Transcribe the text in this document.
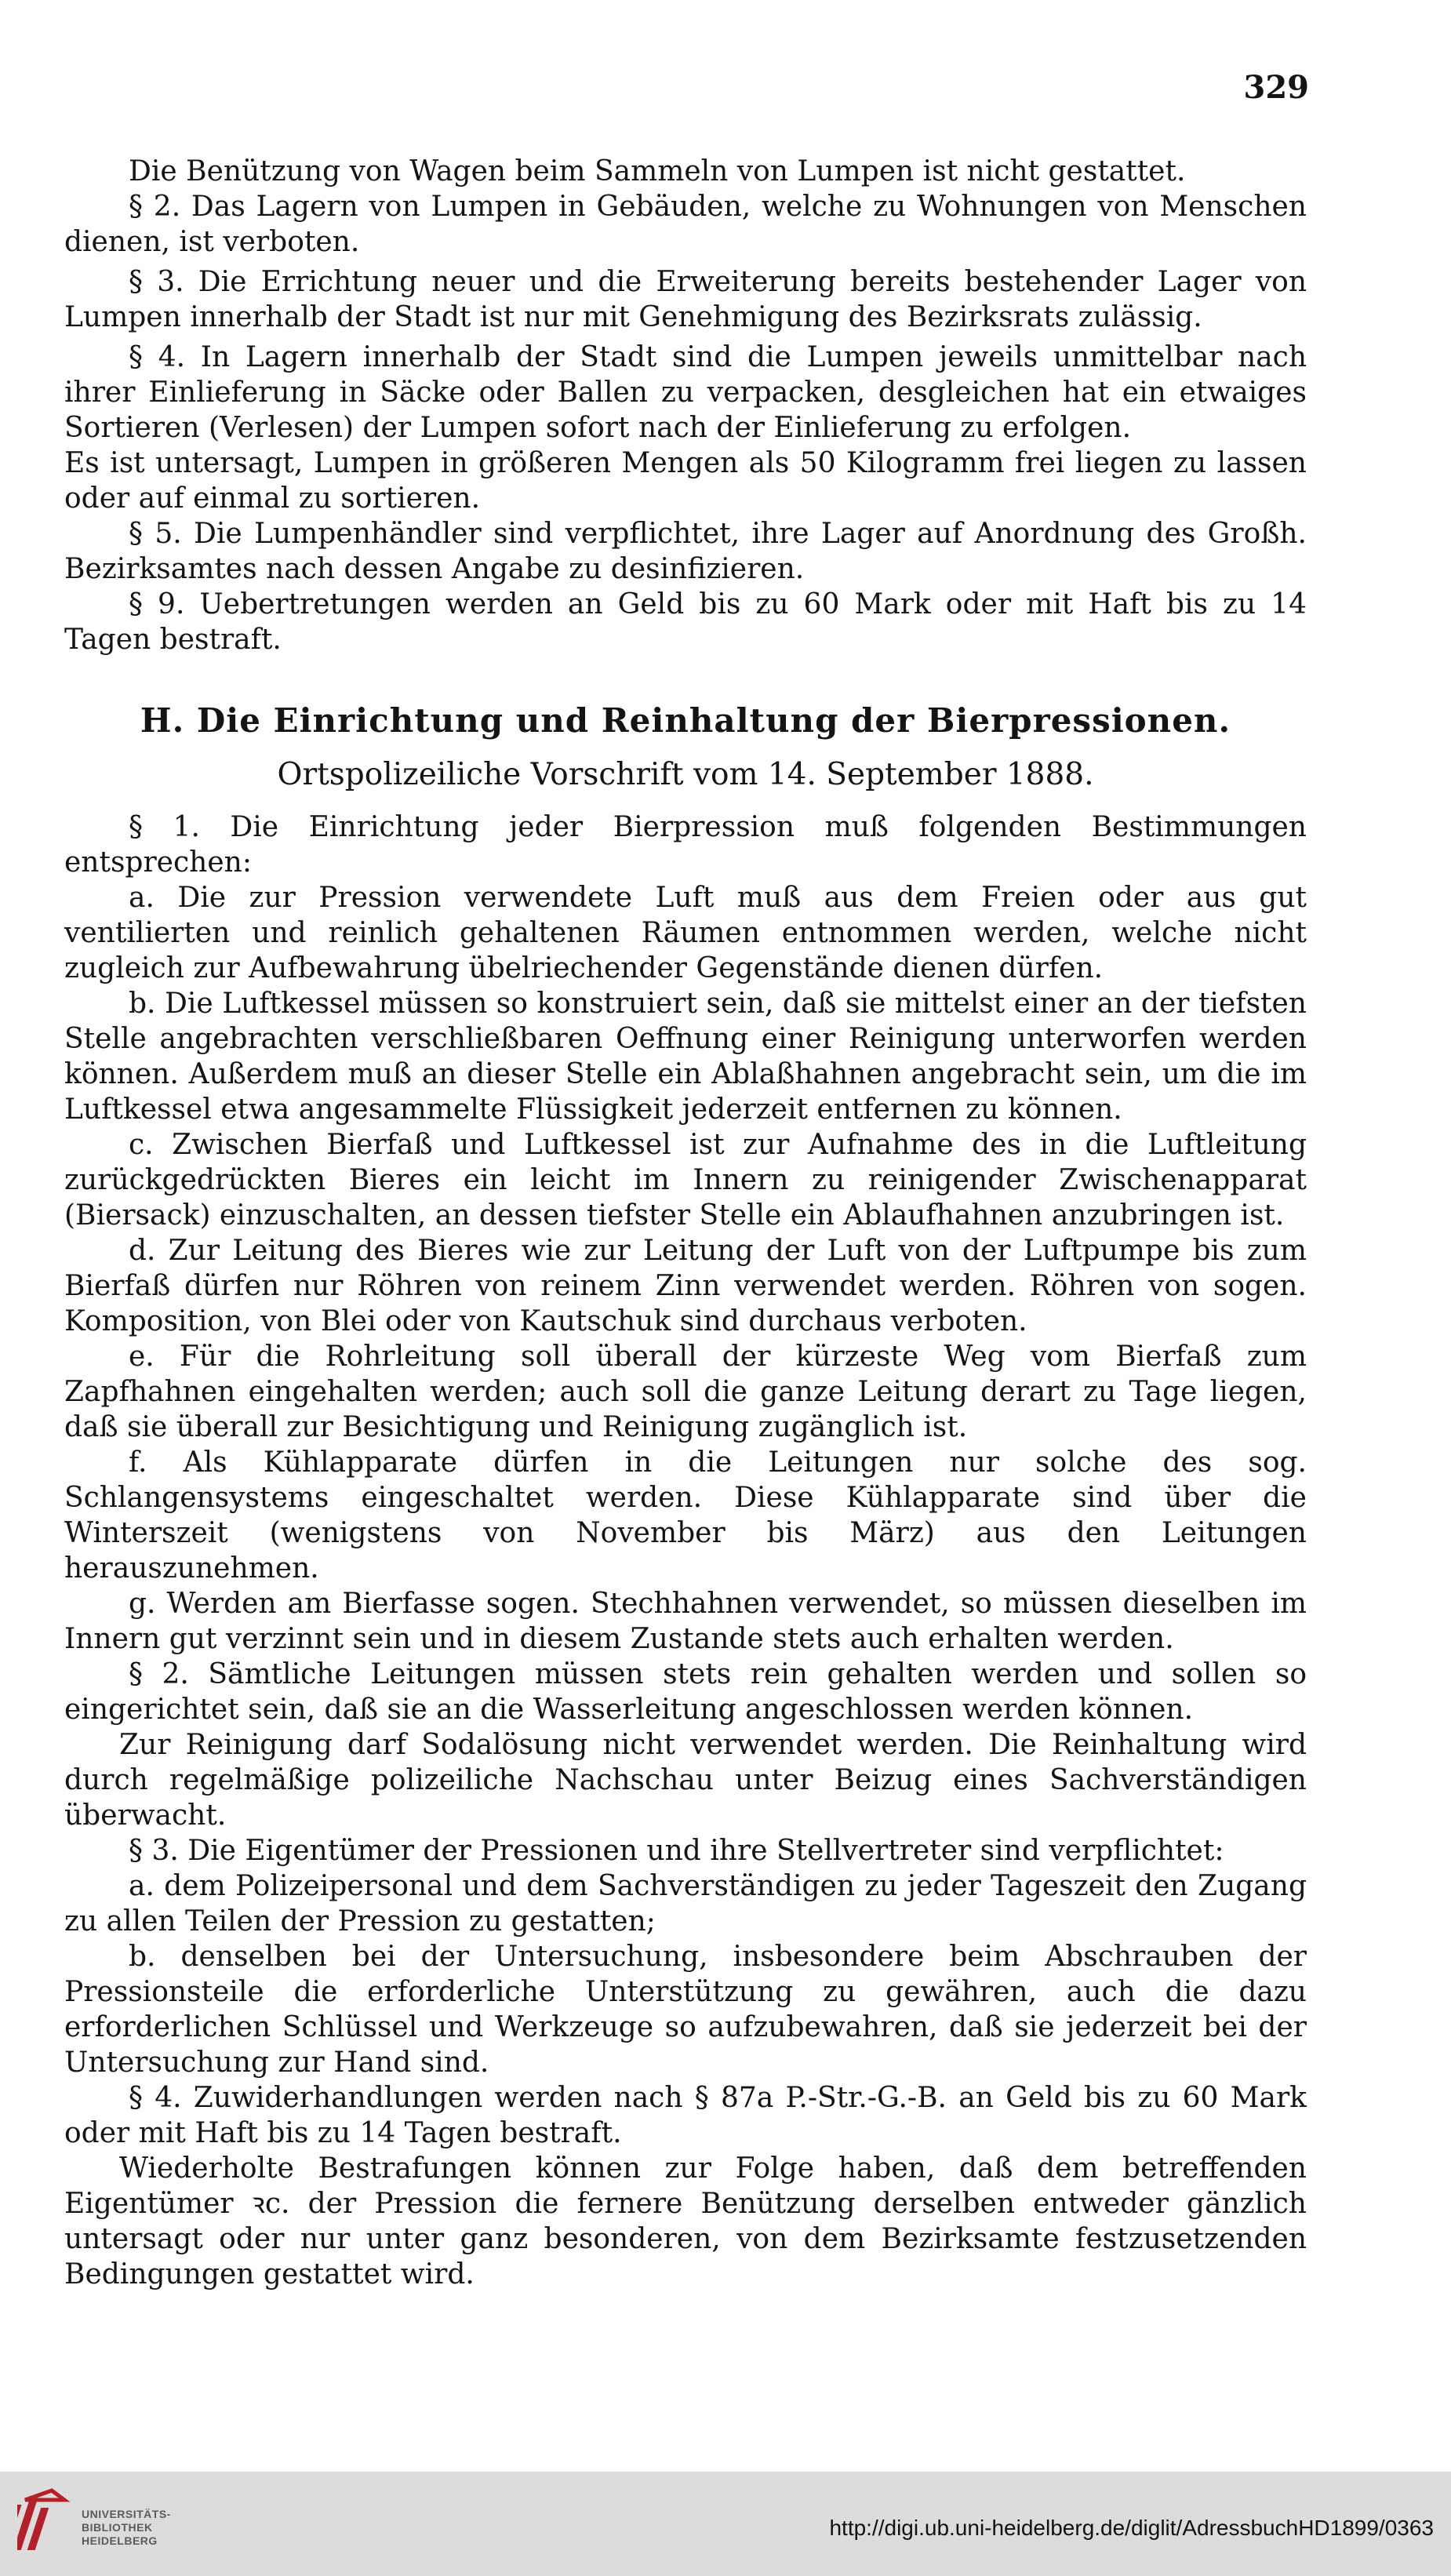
329

Die Benützung von Wagen beim Sammeln von Lumpen ist nicht gestattet.

§ 2. Das Lagern von Lumpen in Gebäuden, welche zu Wohnungen von Menschen dienen, ist verboten.

§ 3. Die Errichtung neuer und die Erweiterung bereits bestehender Lager von Lumpen innerhalb der Stadt ist nur mit Genehmigung des Bezirksrats zulässig.

§ 4. In Lagern innerhalb der Stadt sind die Lumpen jeweils unmittelbar nach ihrer Einlieferung in Säcke oder Ballen zu verpacken, desgleichen hat ein etwaiges Sortieren (Verlesen) der Lumpen sofort nach der Einlieferung zu erfolgen.

Es ist untersagt, Lumpen in größeren Mengen als 50 Kilogramm frei liegen zu lassen oder auf einmal zu sortieren.

§ 5. Die Lumpenhändler sind verpflichtet, ihre Lager auf Anordnung des Großh. Bezirksamtes nach dessen Angabe zu desinfizieren.

§ 9. Uebertretungen werden an Geld bis zu 60 Mark oder mit Haft bis zu 14 Tagen bestraft.

H. Die Einrichtung und Reinhaltung der Bierpressionen.
Ortspolizeiliche Vorschrift vom 14. September 1888.

§ 1. Die Einrichtung jeder Bierpression muß folgenden Bestimmungen entsprechen:

a. Die zur Pression verwendete Luft muß aus dem Freien oder aus gut ventilierten und reinlich gehaltenen Räumen entnommen werden, welche nicht zugleich zur Aufbewahrung übelriechender Gegenstände dienen dürfen.

b. Die Luftkessel müssen so konstruiert sein, daß sie mittelst einer an der tiefsten Stelle angebrachten verschließbaren Oeffnung einer Reinigung unterworfen werden können. Außerdem muß an dieser Stelle ein Ablaßhahnen angebracht sein, um die im Luftkessel etwa angesammelte Flüssigkeit jederzeit entfernen zu können.

c. Zwischen Bierfaß und Luftkessel ist zur Aufnahme des in die Luftleitung zurückgedrückten Bieres ein leicht im Innern zu reinigender Zwischenapparat (Biersack) einzuschalten, an dessen tiefster Stelle ein Ablaufhahnen anzubringen ist.

d. Zur Leitung des Bieres wie zur Leitung der Luft von der Luftpumpe bis zum Bierfaß dürfen nur Röhren von reinem Zinn verwendet werden. Röhren von sogen. Komposition, von Blei oder von Kautschuk sind durchaus verboten.

e. Für die Rohrleitung soll überall der kürzeste Weg vom Bierfaß zum Zapfhahnen eingehalten werden; auch soll die ganze Leitung derart zu Tage liegen, daß sie überall zur Besichtigung und Reinigung zugänglich ist.

f. Als Kühlapparate dürfen in die Leitungen nur solche des sog. Schlangensystems eingeschaltet werden. Diese Kühlapparate sind über die Winterszeit (wenigstens von November bis März) aus den Leitungen herauszunehmen.

g. Werden am Bierfasse sogen. Stechhahnen verwendet, so müssen dieselben im Innern gut verzinnt sein und in diesem Zustande stets auch erhalten werden.

§ 2. Sämtliche Leitungen müssen stets rein gehalten werden und sollen so eingerichtet sein, daß sie an die Wasserleitung angeschlossen werden können.

Zur Reinigung darf Sodalösung nicht verwendet werden. Die Reinhaltung wird durch regelmäßige polizeiliche Nachschau unter Beizug eines Sachverständigen überwacht.

§ 3. Die Eigentümer der Pressionen und ihre Stellvertreter sind verpflichtet:

a. dem Polizeipersonal und dem Sachverständigen zu jeder Tageszeit den Zugang zu allen Teilen der Pression zu gestatten;

b. denselben bei der Untersuchung, insbesondere beim Abschrauben der Pressionsteile die erforderliche Unterstützung zu gewähren, auch die dazu erforderlichen Schlüssel und Werkzeuge so aufzubewahren, daß sie jederzeit bei der Untersuchung zur Hand sind.

§ 4. Zuwiderhandlungen werden nach § 87a P.-Str.-G.-B. an Geld bis zu 60 Mark oder mit Haft bis zu 14 Tagen bestraft.

Wiederholte Bestrafungen können zur Folge haben, daß dem betreffenden Eigentümer ꝛc. der Pression die fernere Benützung derselben entweder gänzlich untersagt oder nur unter ganz besonderen, von dem Bezirksamte festzusetzenden Bedingungen gestattet wird.

UNIVERSITÄTS-
BIBLIOTHEK
HEIDELBERG
http://digi.ub.uni-heidelberg.de/diglit/AdressbuchHD1899/0363
